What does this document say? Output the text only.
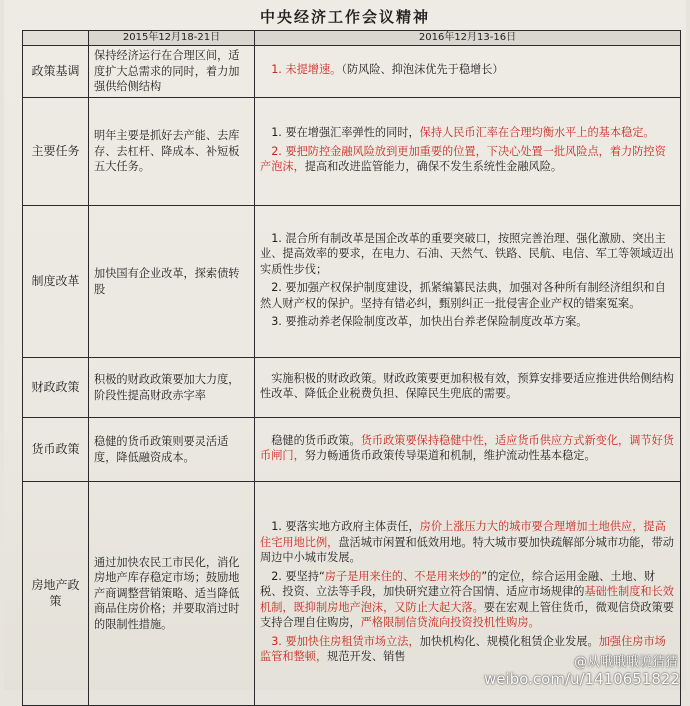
中央经济工作会议精神
	2015年12月18-21日	2016年12月13-16日
政策基调	保持经济运行在合理区间，适度扩大总需求的同时，着力加强供给侧结构	1. 未提增速。（防风险、抑泡沫优先于稳增长）

主要任务	明年主要是抓好去产能、去库存、去杠杆、降成本、补短板五大任务。	1. 要在增强汇率弹性的同时，保持人民币汇率在合理均衡水平上的基本稳定。
2. 要把防控金融风险放到更加重要的位置，下决心处置一批风险点，着力防控资产泡沫，提高和改进监管能力，确保不发生系统性金融风险。

制度改革	加快国有企业改革，探索债转股	1. 混合所有制改革是国企改革的重要突破口，按照完善治理、强化激励、突出主业、提高效率的要求，在电力、石油、天然气、铁路、民航、电信、军工等领域迈出实质性步伐；
2. 要加强产权保护制度建设，抓紧编纂民法典，加强对各种所有制经济组织和自然人财产权的保护。坚持有错必纠，甄别纠正一批侵害企业产权的错案冤案。
3. 要推动养老保险制度改革，加快出台养老保险制度改革方案。

财政政策	积极的财政政策要加大力度，阶段性提高财政赤字率	实施积极的财政政策。财政政策要更加积极有效，预算安排要适应推进供给侧结构性改革、降低企业税费负担、保障民生兜底的需要。

货币政策	稳健的货币政策则要灵活适度，降低融资成本。	稳健的货币政策。货币政策要保持稳健中性，适应货币供应方式新变化，调节好货币闸门，努力畅通货币政策传导渠道和机制，维护流动性基本稳定。

房地产政策	通过加快农民工市民化，消化房地产库存稳定市场；鼓励地产商调整营销策略、适当降低商品住房价格；并要取消过时的限制性措施。	1. 要落实地方政府主体责任，房价上涨压力大的城市要合理增加土地供应，提高住宅用地比例，盘活城市闲置和低效用地。特大城市要加快疏解部分城市功能，带动周边中小城市发展。
2. 要坚持“房子是用来住的、不是用来炒的”的定位，综合运用金融、土地、财税、投资、立法等手段，加快研究建立符合国情、适应市场规律的基础性制度和长效机制，既抑制房地产泡沫，又防止大起大落。要在宏观上管住货币，微观信贷政策要支持合理自住购房，严格限制信贷流向投资投机性购房。
3. 要加快住房租赁市场立法，加快机构化、规模化租赁企业发展。加强住房市场监管和整顿，规范开发、销售	@从哦哦哦说猜猜
weibo.com/u/1410651822
